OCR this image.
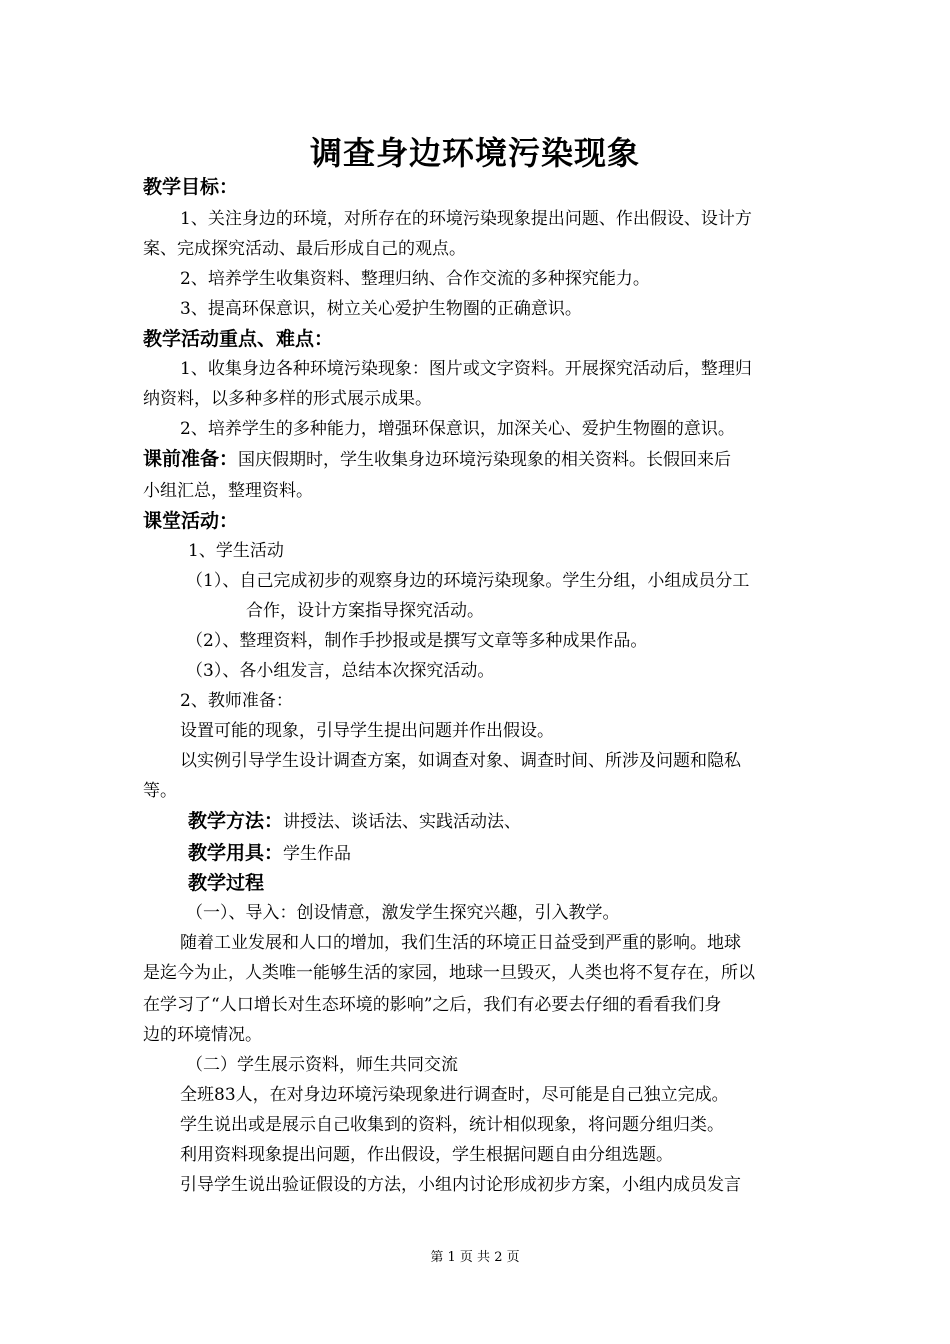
调查身边环境污染现象
教学目标：
1、关注身边的环境，对所存在的环境污染现象提出问题、作出假设、设计方
案、完成探究活动、最后形成自己的观点。
2、培养学生收集资料、整理归纳、合作交流的多种探究能力。
3、提高环保意识，树立关心爱护生物圈的正确意识。
教学活动重点、难点：
1、收集身边各种环境污染现象：图片或文字资料。开展探究活动后，整理归
纳资料，以多种多样的形式展示成果。
2、培养学生的多种能力，增强环保意识，加深关心、爱护生物圈的意识。
课前准备：国庆假期时，学生收集身边环境污染现象的相关资料。长假回来后
小组汇总，整理资料。
课堂活动：
1、学生活动
（1）、自己完成初步的观察身边的环境污染现象。学生分组，小组成员分工
合作，设计方案指导探究活动。
（2）、整理资料，制作手抄报或是撰写文章等多种成果作品。
（3）、各小组发言，总结本次探究活动。
2、教师准备：
设置可能的现象，引导学生提出问题并作出假设。
以实例引导学生设计调查方案，如调查对象、调查时间、所涉及问题和隐私
等。
教学方法：讲授法、谈话法、实践活动法、
教学用具：学生作品
教学过程
（一）、导入：创设情意，激发学生探究兴趣，引入教学。
随着工业发展和人口的增加，我们生活的环境正日益受到严重的影响。地球
是迄今为止，人类唯一能够生活的家园，地球一旦毁灭，人类也将不复存在，所以
在学习了“人口增长对生态环境的影响”之后，我们有必要去仔细的看看我们身
边的环境情况。
（二）学生展示资料，师生共同交流
全班83人，在对身边环境污染现象进行调查时，尽可能是自己独立完成。
学生说出或是展示自己收集到的资料，统计相似现象，将问题分组归类。
利用资料现象提出问题，作出假设，学生根据问题自由分组选题。
引导学生说出验证假设的方法，小组内讨论形成初步方案，小组内成员发言
第 1 页 共 2 页
